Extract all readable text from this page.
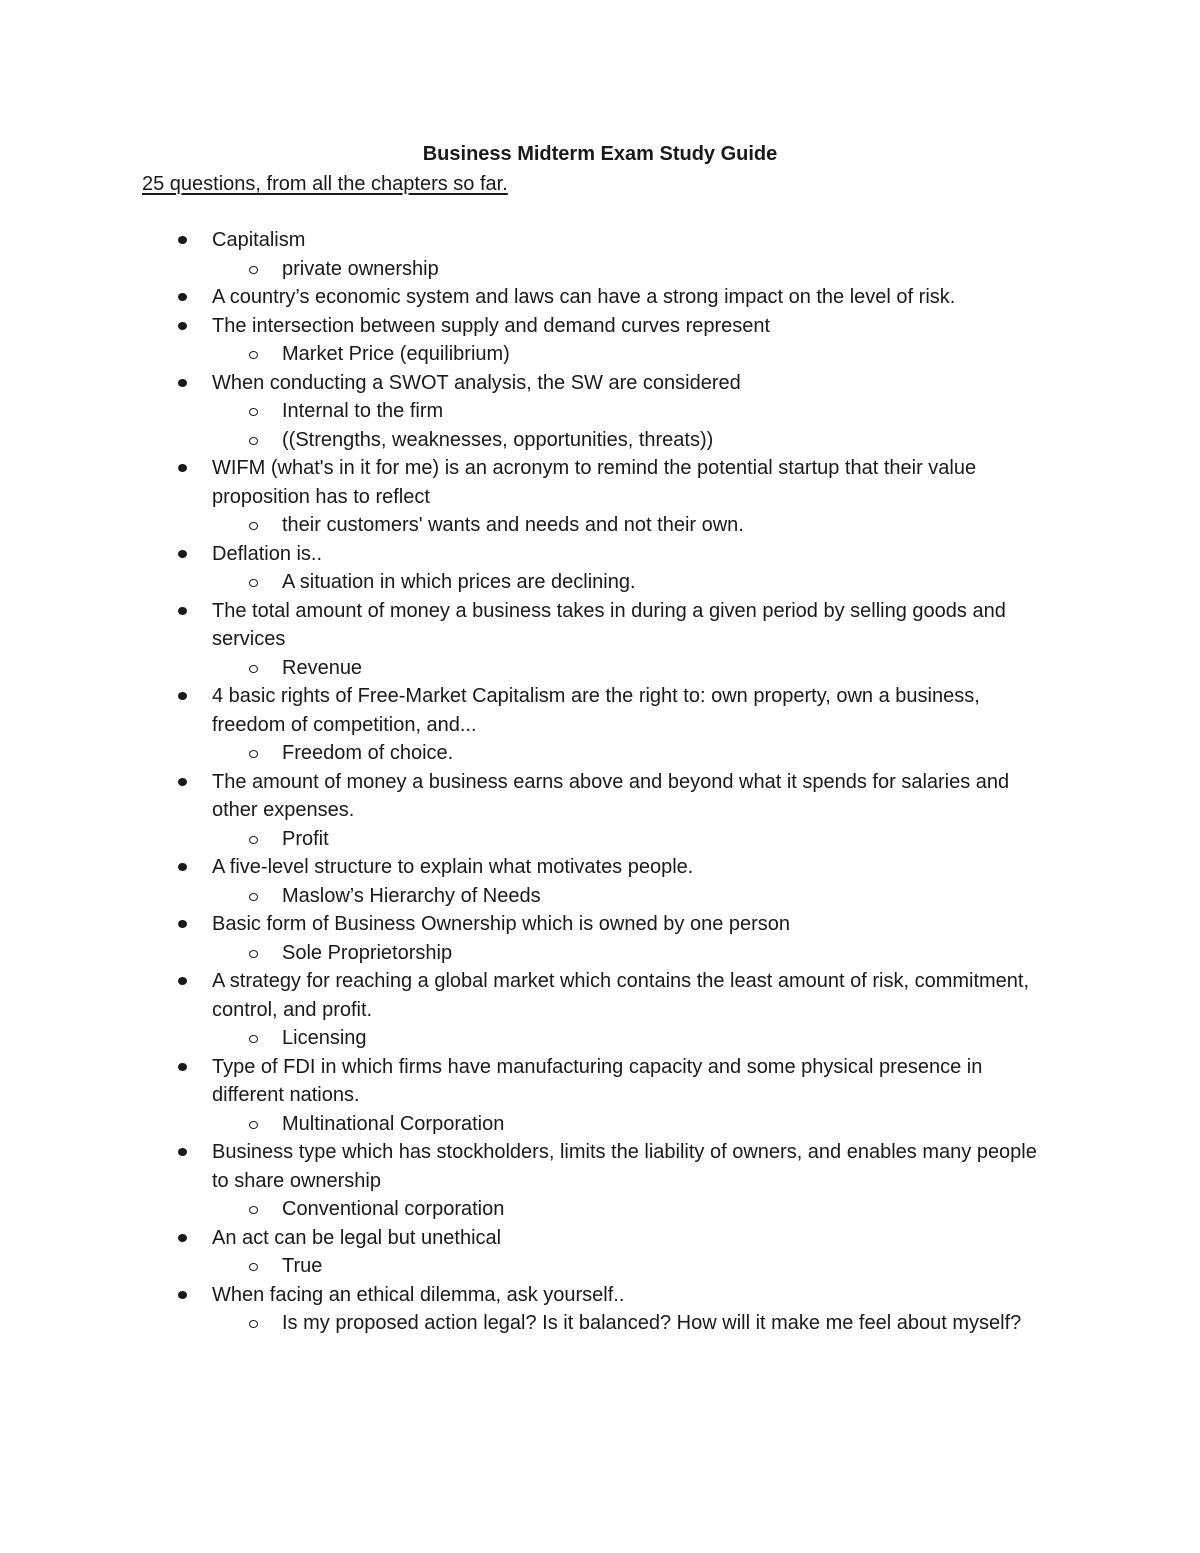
Business Midterm Exam Study Guide
25 questions, from all the chapters so far.
Capitalism
private ownership
A country’s economic system and laws can have a strong impact on the level of risk.
The intersection between supply and demand curves represent
Market Price (equilibrium)
When conducting a SWOT analysis, the SW are considered
Internal to the firm
((Strengths, weaknesses, opportunities, threats))
WIFM (what's in it for me) is an acronym to remind the potential startup that their value proposition has to reflect
their customers' wants and needs and not their own.
Deflation is..
A situation in which prices are declining.
The total amount of money a business takes in during a given period by selling goods and services
Revenue
4 basic rights of Free-Market Capitalism are the right to: own property, own a business, freedom of competition, and...
Freedom of choice.
The amount of money a business earns above and beyond what it spends for salaries and other expenses.
Profit
A five-level structure to explain what motivates people.
Maslow’s Hierarchy of Needs
Basic form of Business Ownership which is owned by one person
Sole Proprietorship
A strategy for reaching a global market which contains the least amount of risk, commitment, control, and profit.
Licensing
Type of FDI in which firms have manufacturing capacity and some physical presence in different nations.
Multinational Corporation
Business type which has stockholders, limits the liability of owners, and enables many people to share ownership
Conventional corporation
An act can be legal but unethical
True
When facing an ethical dilemma, ask yourself..
Is my proposed action legal? Is it balanced? How will it make me feel about myself?
